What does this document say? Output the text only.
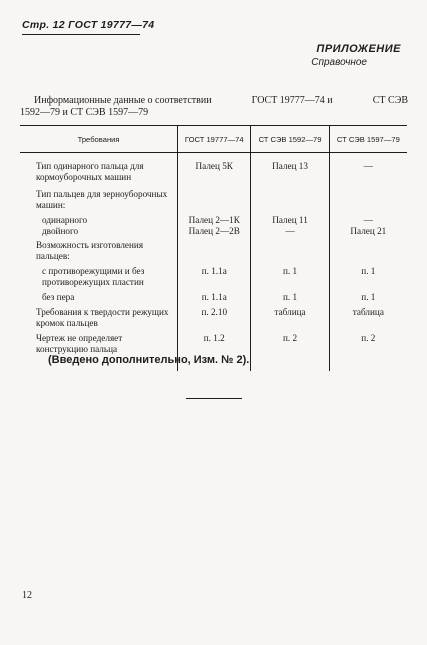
Стр. 12 ГОСТ 19777—74
ПРИЛОЖЕНИЕ
Справочное
Информационные данные о соответствии	ГОСТ 19777—74 и	СТ СЭВ
1592—79 и СТ СЭВ 1597—79
Требования	ГОСТ 19777—74	СТ СЭВ 1592—79	СТ СЭВ 1597—79
Тип одинарного пальца для кормоуборочных машин	Палец 5К	Палец 13	—
Тип пальцев для зерноуборочных машин:			
одинарного	Палец 2—1К	Палец 11	—
двойного	Палец 2—2В	—	Палец 21
Возможность изготовления пальцев:			
с противорежущими и без противорежущих пластин	п. 1.1а	п. 1	п. 1
без пера	п. 1.1а	п. 1	п. 1
Требования к твердости режущих кромок пальцев	п. 2.10	таблица	таблица
Чертеж не определяет конструкцию пальца	п. 1.2	п. 2	п. 2
(Введено дополнительно, Изм. № 2).
12
